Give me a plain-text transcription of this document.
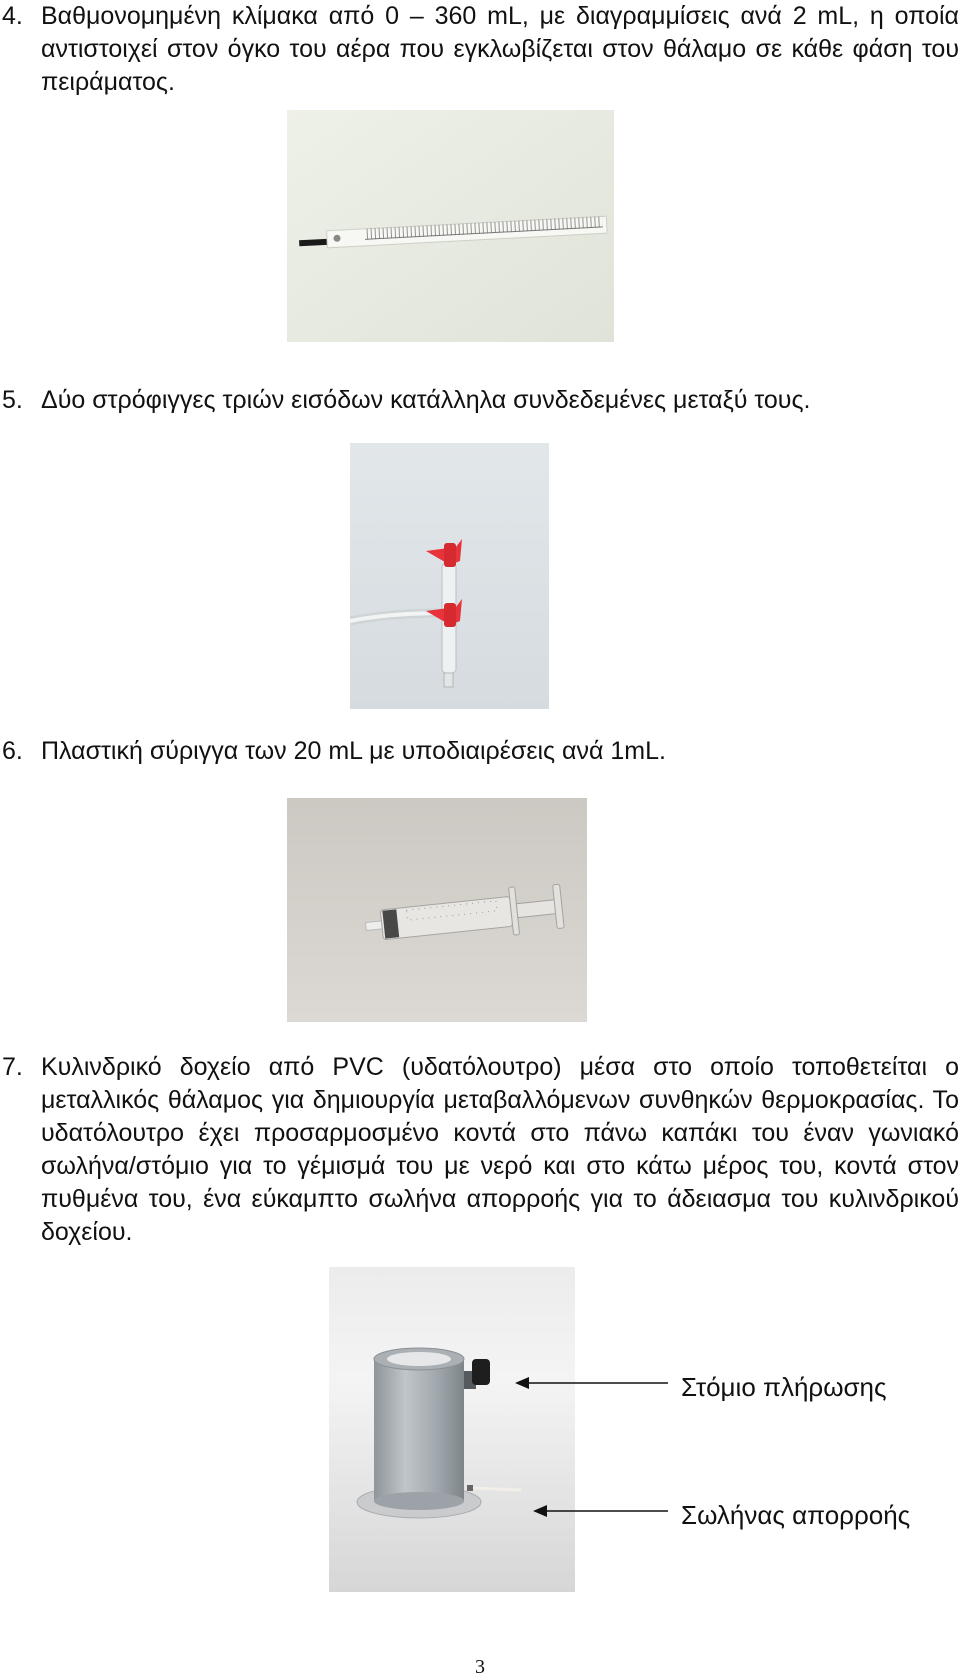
4. Βαθμονομημένη κλίμακα από 0 – 360 mL, με διαγραμμίσεις ανά 2 mL, η οποία αντιστοιχεί στον όγκο του αέρα που εγκλωβίζεται στον θάλαμο σε κάθε φάση του πειράματος.
5. Δύο στρόφιγγες τριών εισόδων κατάλληλα συνδεδεμένες μεταξύ τους.
6. Πλαστική σύριγγα των 20 mL με υποδιαιρέσεις ανά 1mL.
7. Κυλινδρικό δοχείο από PVC (υδατόλουτρο) μέσα στο οποίο τοποθετείται ο μεταλλικός θάλαμος για δημιουργία μεταβαλλόμενων συνθηκών θερμοκρασίας. Το υδατόλουτρο έχει προσαρμοσμένο κοντά στο πάνω καπάκι του έναν γωνιακό σωλήνα/στόμιο για το γέμισμά του με νερό και στο κάτω μέρος του, κοντά στον πυθμένα του, ένα εύκαμπτο σωλήνα απορροής για το άδειασμα του κυλινδρικού δοχείου.
Στόμιο πλήρωσης
Σωλήνας απορροής
3
